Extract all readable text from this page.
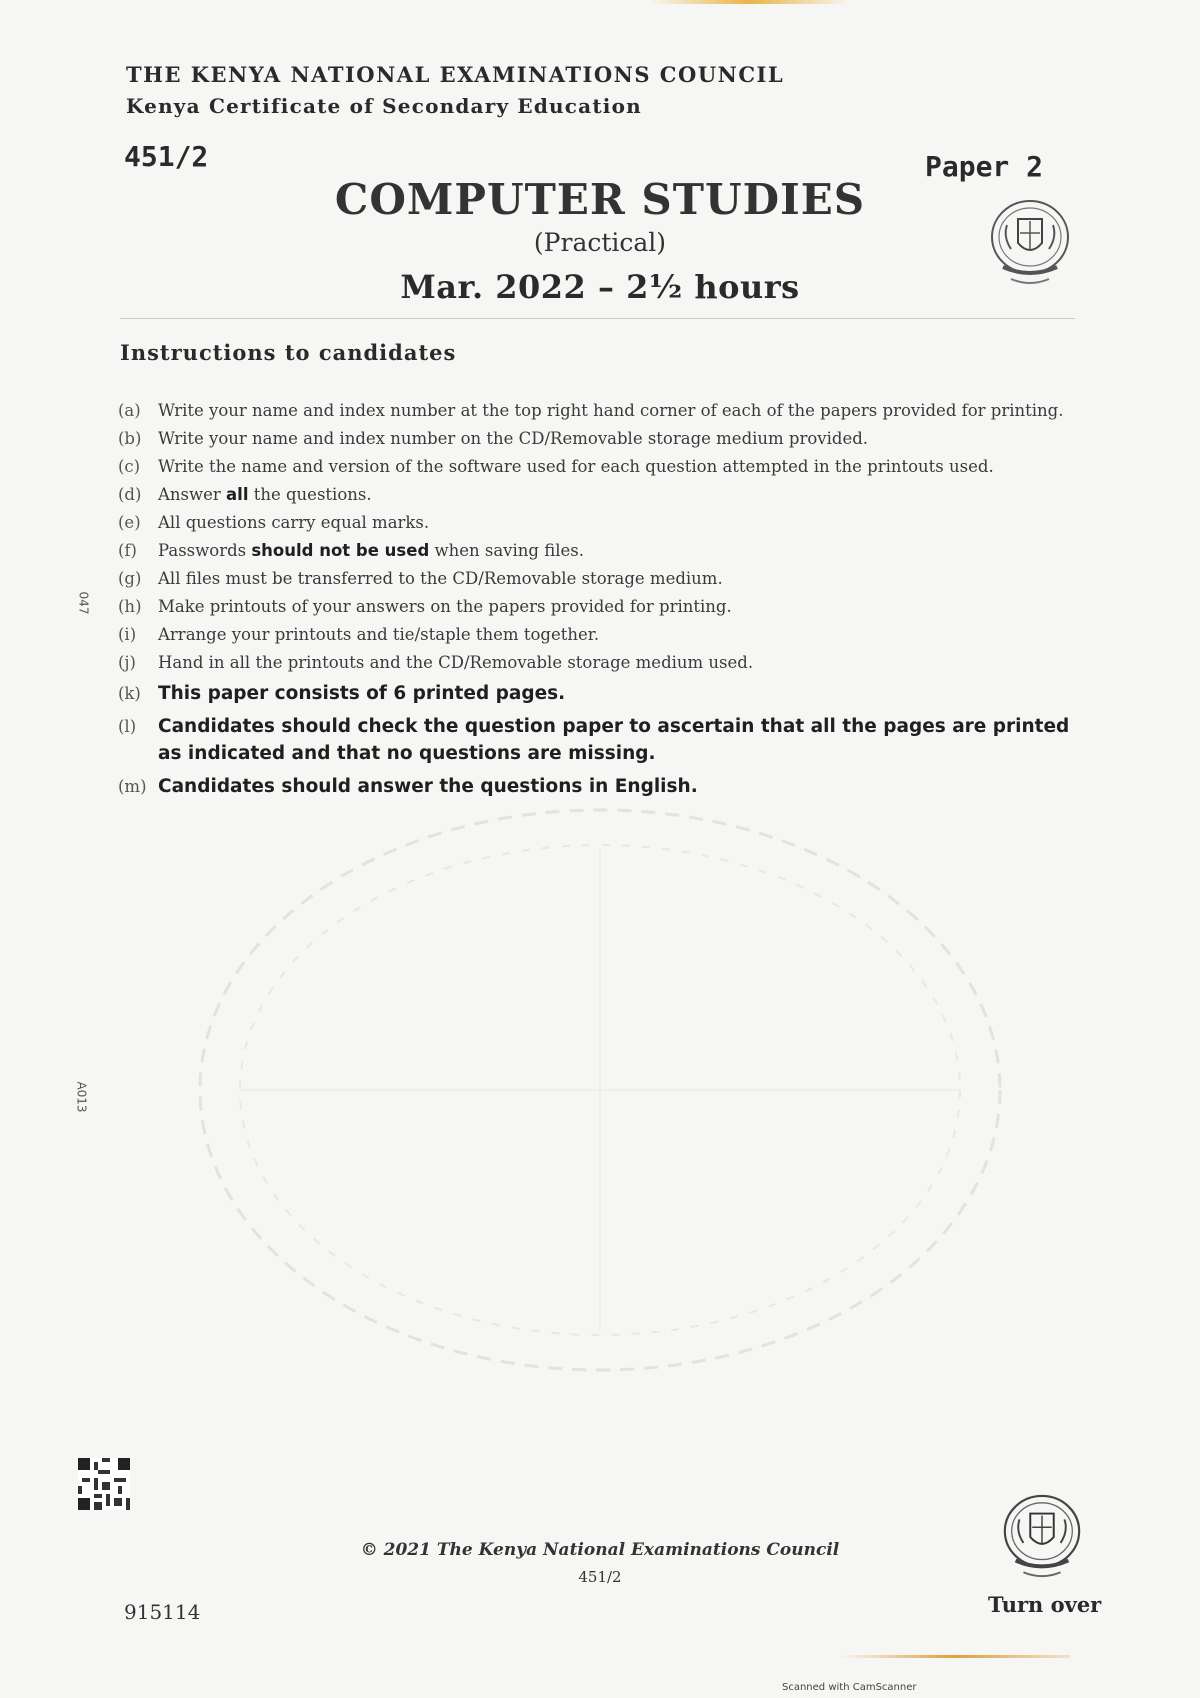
THE KENYA NATIONAL EXAMINATIONS COUNCIL
Kenya Certificate of Secondary Education
451/2	Paper 2
COMPUTER STUDIES
(Practical)
Mar. 2022 – 2½ hours
Instructions to candidates
(a)	Write your name and index number at the top right hand corner of each of the papers provided for printing.
(b)	Write your name and index number on the CD/Removable storage medium provided.
(c)	Write the name and version of the software used for each question attempted in the printouts used.
(d)	Answer all the questions.
(e)	All questions carry equal marks.
(f)	Passwords should not be used when saving files.
(g)	All files must be transferred to the CD/Removable storage medium.
(h) Make printouts of your answers on the papers provided for printing.
(i)	Arrange your printouts and tie/staple them together.
(j)	Hand in all the printouts and the CD/Removable storage medium used.
(k) This paper consists of 6 printed pages.
(l)	Candidates should check the question paper to ascertain that all the pages are printed as indicated and that no questions are missing.
(m) Candidates should answer the questions in English.
047
A013
© 2021 The Kenya National Examinations Council
451/2
915114	Turn over
Scanned with CamScanner
